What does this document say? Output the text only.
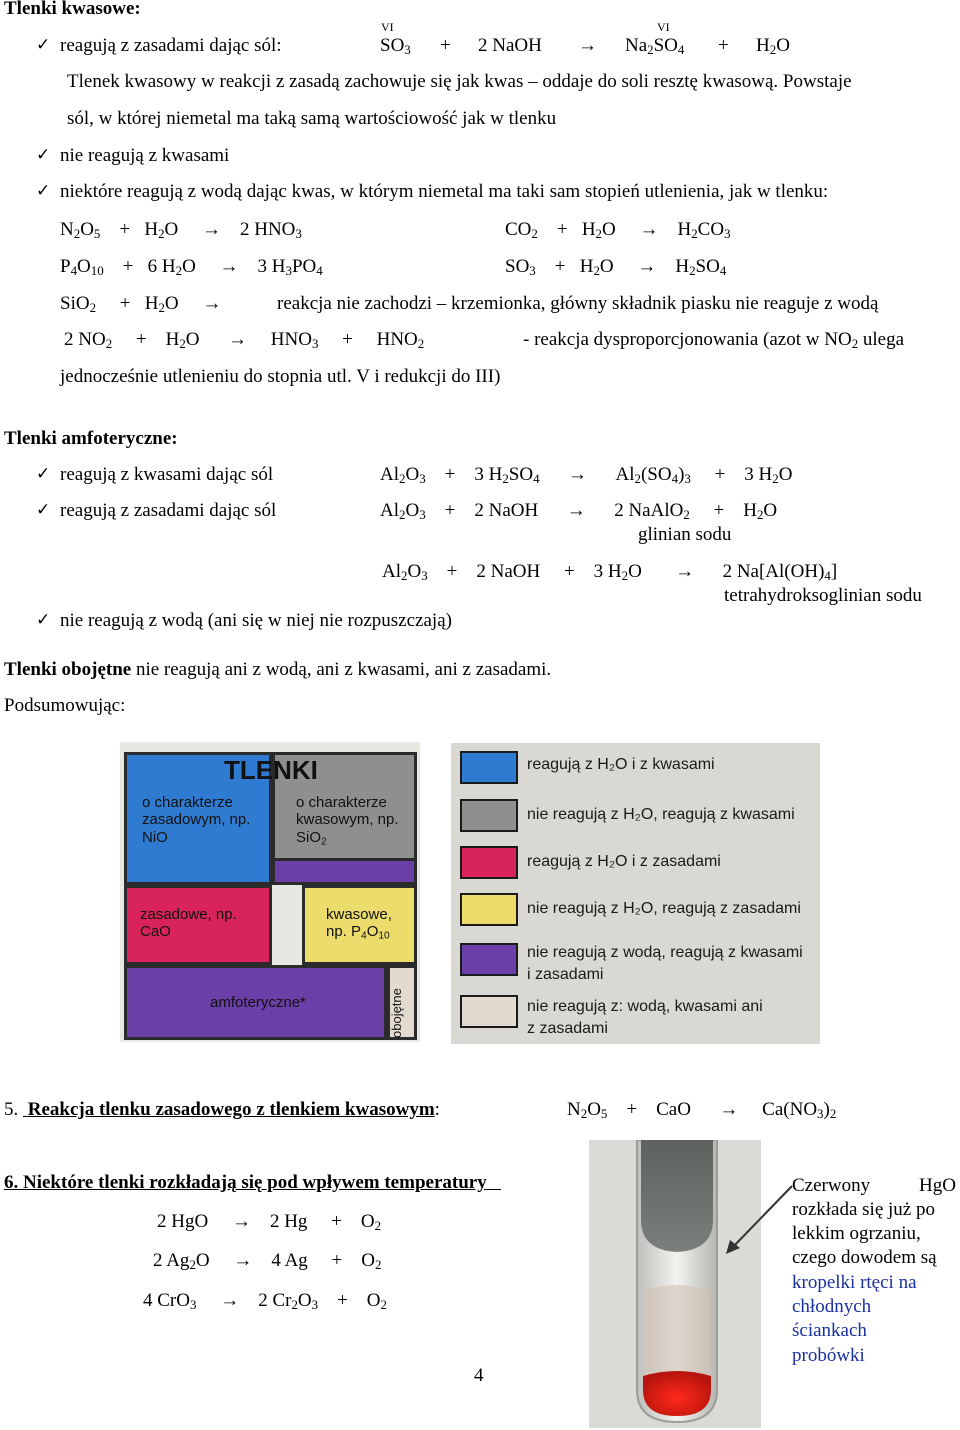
Tlenki kwasowe:
✓ reagują z zasadami dając sól:
VI	VI
$SO_3 + 2$ NaOH → $Na_2SO_4 + H_2O$
Tlenek kwasowy w reakcji z zasadą zachowuje się jak kwas – oddaje do soli resztę kwasową. Powstaje
sól, w której niemetal ma taką samą wartościowość jak w tlenku
✓ nie reagują z kwasami
✓ niektóre reagują z wodą dając kwas, w którym niemetal ma taki sam stopień utlenienia, jak w tlenku:
$N_2O_5$    +   $H_2O$     →    2 $HNO_3$	$CO_2$    +   $H_2O$     →    $H_2CO_3$
$P_4O_{10}$    +   6 $H_2O$     →    3 $H_3PO_4$	$SO_3$    +   $H_2O$     →    $H_2SO_4$
SiO$_2$     +   $H_2O$     →	reakcja nie zachodzi – krzemionka, główny składnik piasku nie reaguje z wodą
2 $NO_2$     +    $H_2O$      →     $HNO_3$     +     $HNO_2$	- reakcja dysproporcjonowania (azot w $NO_2$ ulega
jednocześnie utlenieniu do stopnia utl. V i redukcji do III)
Tlenki amfoteryczne:
✓ reagują z kwasami dając sól	$Al_2O_3$    +    3 $H_2SO_4$      →      $Al_2(SO_4)_3$     +    3 $H_2O$
✓ reagują z zasadami dając sól	$Al_2O_3$    +    2 NaOH      →      2 NaAlO$_2$     +    $H_2O$
glinian sodu
$Al_2O_3$    +    2 NaOH     +    3 $H_2O$       →      2 $Na[Al(OH)_4]$
tetrahydroksoglinian sodu
✓ nie reagują z wodą (ani się w niej nie rozpuszczają)
Tlenki obojętne nie reagują ani z wodą, ani z kwasami, ani z zasadami.
Podsumowując:
TLENKI
o charakterze zasadowym, np. NiO
o charakterze kwasowym, np. SiO$_2$
zasadowe, np. CaO
kwasowe, np. $P_4O_{10}$
amfoteryczne*	obojętne
reagują z H₂O i z kwasami
nie reagują z H₂O, reagują z kwasami
reagują z H₂O i z zasadami
nie reagują z H₂O, reagują z zasadami
nie reagują z wodą, reagują z kwasami
i zasadami
nie reagują z: wodą, kwasami ani
z zasadami
5. Reakcja tlenku zasadowego z tlenkiem kwasowym:	$N_2O_5$    +    CaO      →     $Ca(NO_3)_2$
6. Niektóre tlenki rozkładają się pod wpływem temperatury
2 HgO     →    2 Hg     +    $O_2$
2 $Ag_2O$     →    4 Ag     +    $O_2$
4 CrO$_3$     →    2 $Cr_2O_3$    +    $O_2$
4
Czerwony	HgO
rozkłada się już po
lekkim ogrzaniu,
czego dowodem są
kropelki rtęci na
chłodnych
ściankach
probówki
